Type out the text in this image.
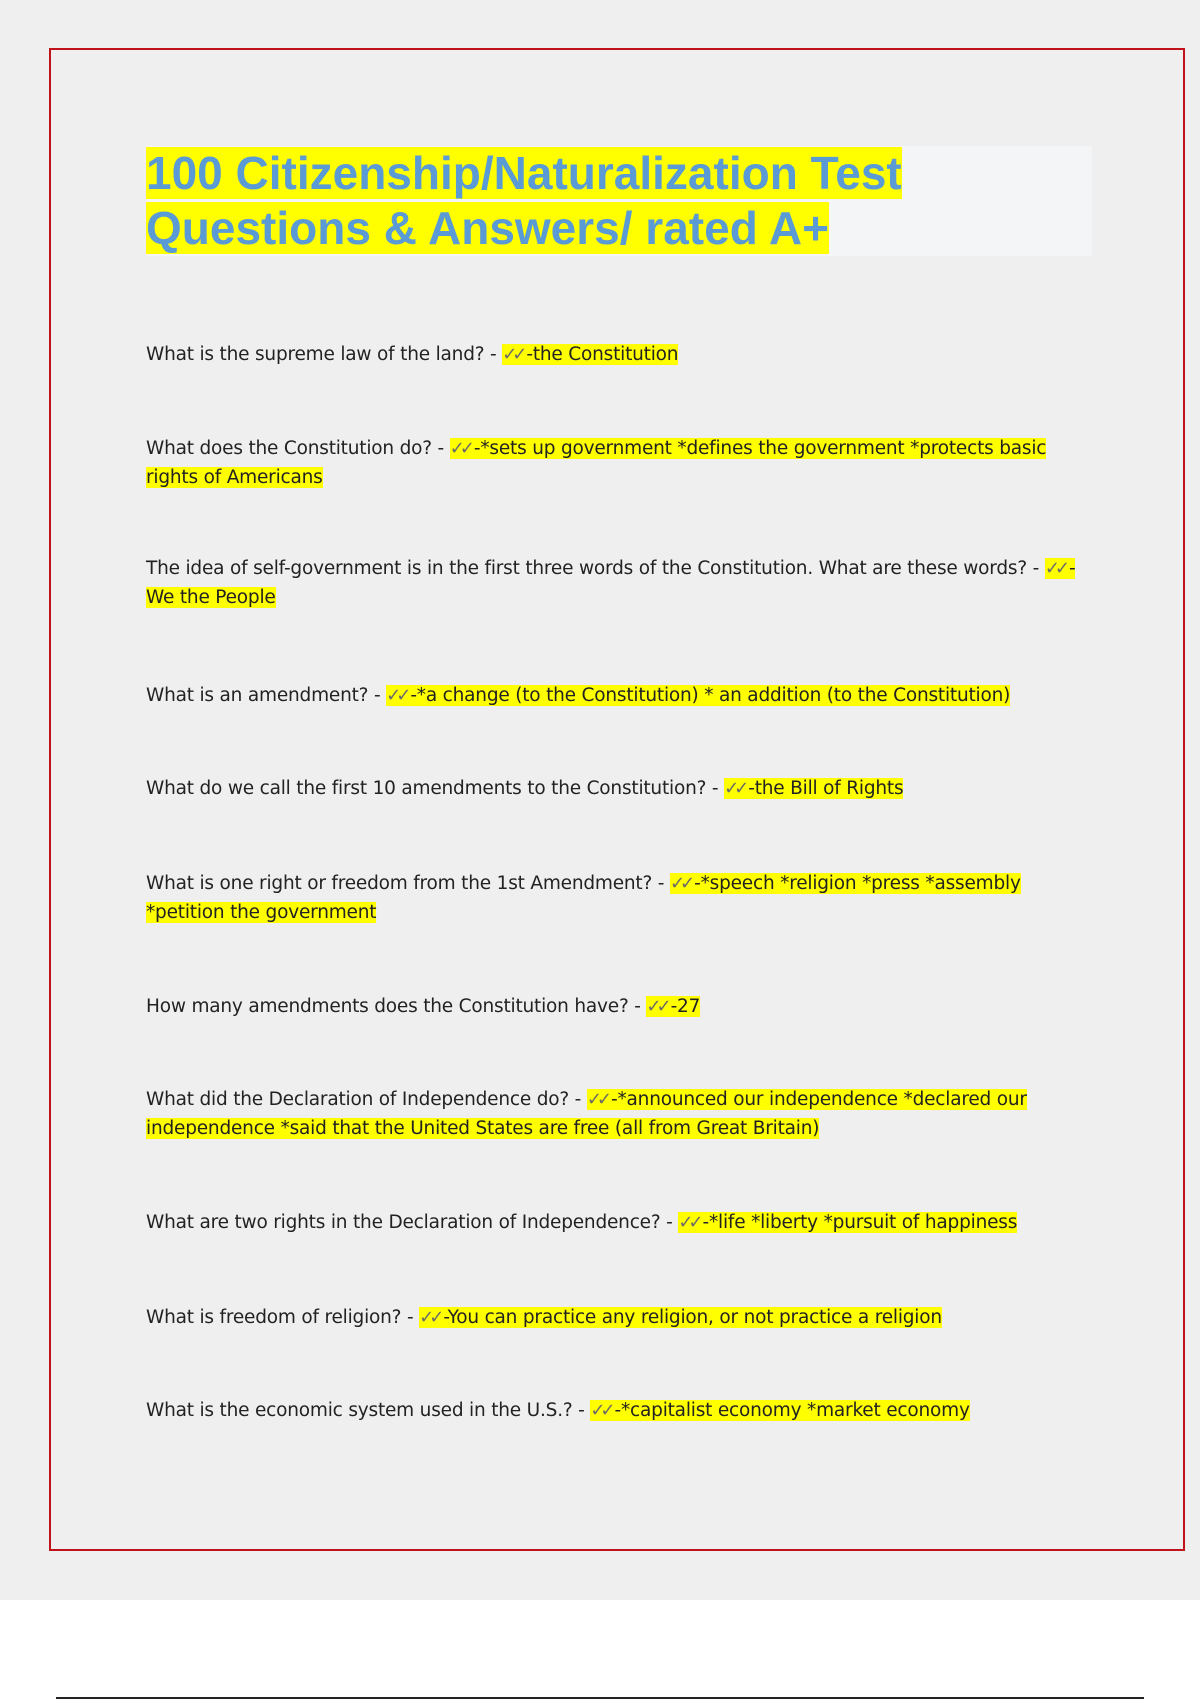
100 Citizenship/Naturalization Test
Questions & Answers/ rated A+
What is the supreme law of the land? - ✓✓ -the Constitution
What does the Constitution do? - ✓✓ -*sets up government *defines the government *protects basic rights of Americans
The idea of self-government is in the first three words of the Constitution. What are these words? - ✓✓ -We the People
What is an amendment? - ✓✓ -*a change (to the Constitution) * an addition (to the Constitution)
What do we call the first 10 amendments to the Constitution? - ✓✓ -the Bill of Rights
What is one right or freedom from the 1st Amendment? - ✓✓ -*speech *religion *press *assembly *petition the government
How many amendments does the Constitution have? - ✓✓ -27
What did the Declaration of Independence do? - ✓✓ -*announced our independence *declared our independence *said that the United States are free (all from Great Britain)
What are two rights in the Declaration of Independence? - ✓✓ -*life *liberty *pursuit of happiness
What is freedom of religion? - ✓✓ -You can practice any religion, or not practice a religion
What is the economic system used in the U.S.? - ✓✓ -*capitalist economy *market economy
